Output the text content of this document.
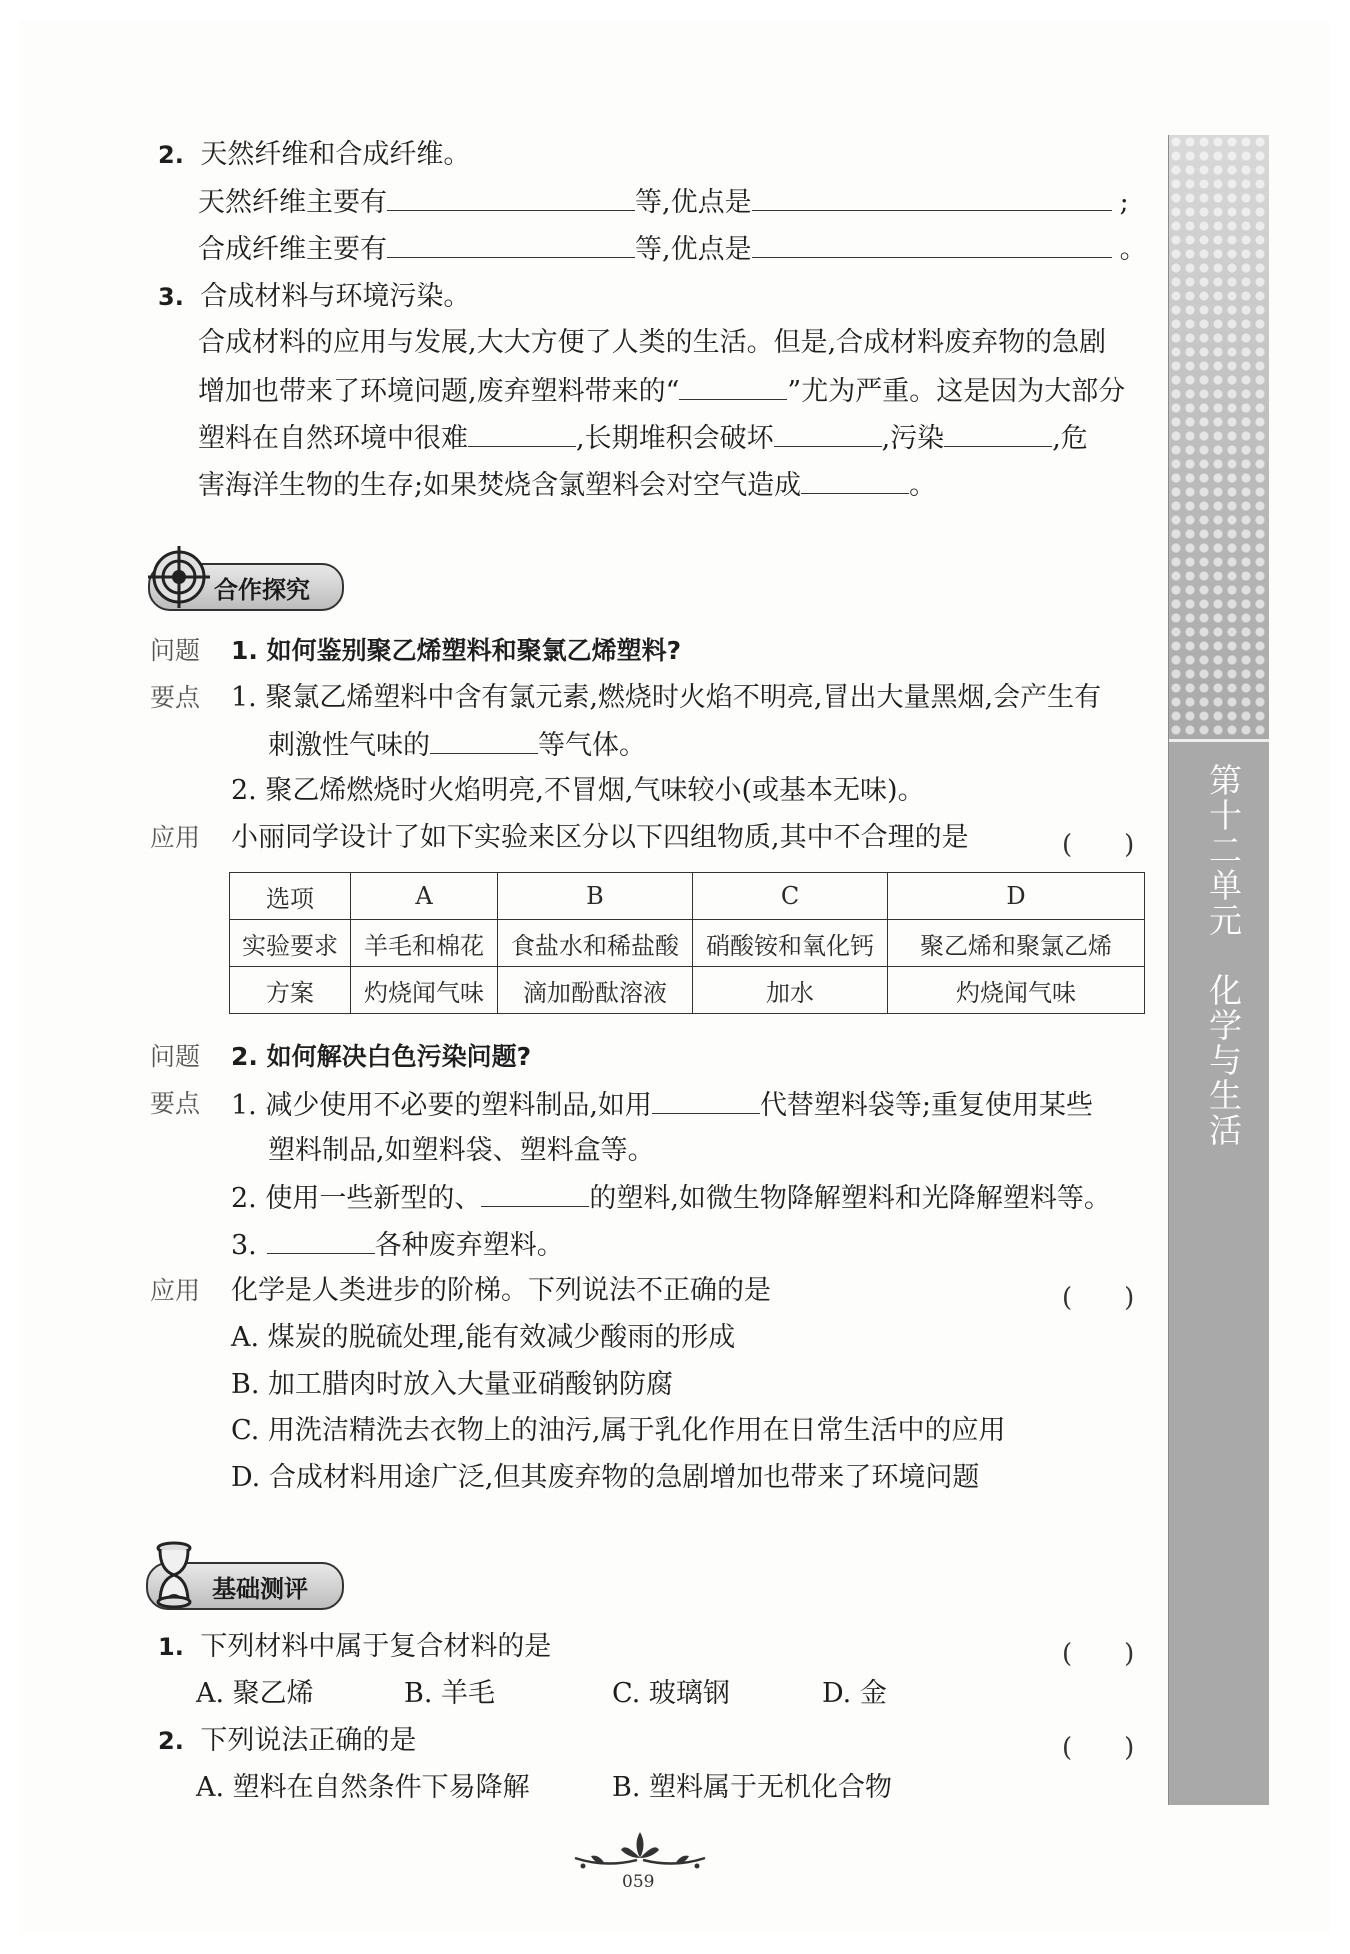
第十二单元　化学与生活
2. 天然纤维和合成纤维。
天然纤维主要有	等,优点是	;
合成纤维主要有	等,优点是	。
3. 合成材料与环境污染。
合成材料的应用与发展,大大方便了人类的生活。但是,合成材料废弃物的急剧
增加也带来了环境问题,废弃塑料带来的“	”尤为严重。这是因为大部分
塑料在自然环境中很难	,长期堆积会破坏	,污染	,危
害海洋生物的生存;如果焚烧含氯塑料会对空气造成	。
合作探究
问题 1. 如何鉴别聚乙烯塑料和聚氯乙烯塑料?
要点 1. 聚氯乙烯塑料中含有氯元素,燃烧时火焰不明亮,冒出大量黑烟,会产生有
刺激性气味的	等气体。
2. 聚乙烯燃烧时火焰明亮,不冒烟,气味较小(或基本无味)。
应用 小丽同学设计了如下实验来区分以下四组物质,其中不合理的是	(　　)
选项	A	B	C	D
实验要求	羊毛和棉花	食盐水和稀盐酸	硝酸铵和氧化钙	聚乙烯和聚氯乙烯
方案	灼烧闻气味	滴加酚酞溶液	加水	灼烧闻气味
问题 2. 如何解决白色污染问题?
要点 1. 减少使用不必要的塑料制品,如用	代替塑料袋等;重复使用某些
塑料制品,如塑料袋、塑料盒等。
2. 使用一些新型的、	的塑料,如微生物降解塑料和光降解塑料等。
3.	各种废弃塑料。
应用 化学是人类进步的阶梯。下列说法不正确的是	(　　)
A. 煤炭的脱硫处理,能有效减少酸雨的形成
B. 加工腊肉时放入大量亚硝酸钠防腐
C. 用洗洁精洗去衣物上的油污,属于乳化作用在日常生活中的应用
D. 合成材料用途广泛,但其废弃物的急剧增加也带来了环境问题
基础测评
1. 下列材料中属于复合材料的是	(　　)
A. 聚乙烯	B. 羊毛	C. 玻璃钢	D. 金
2. 下列说法正确的是	(　　)
A. 塑料在自然条件下易降解	B. 塑料属于无机化合物
059
